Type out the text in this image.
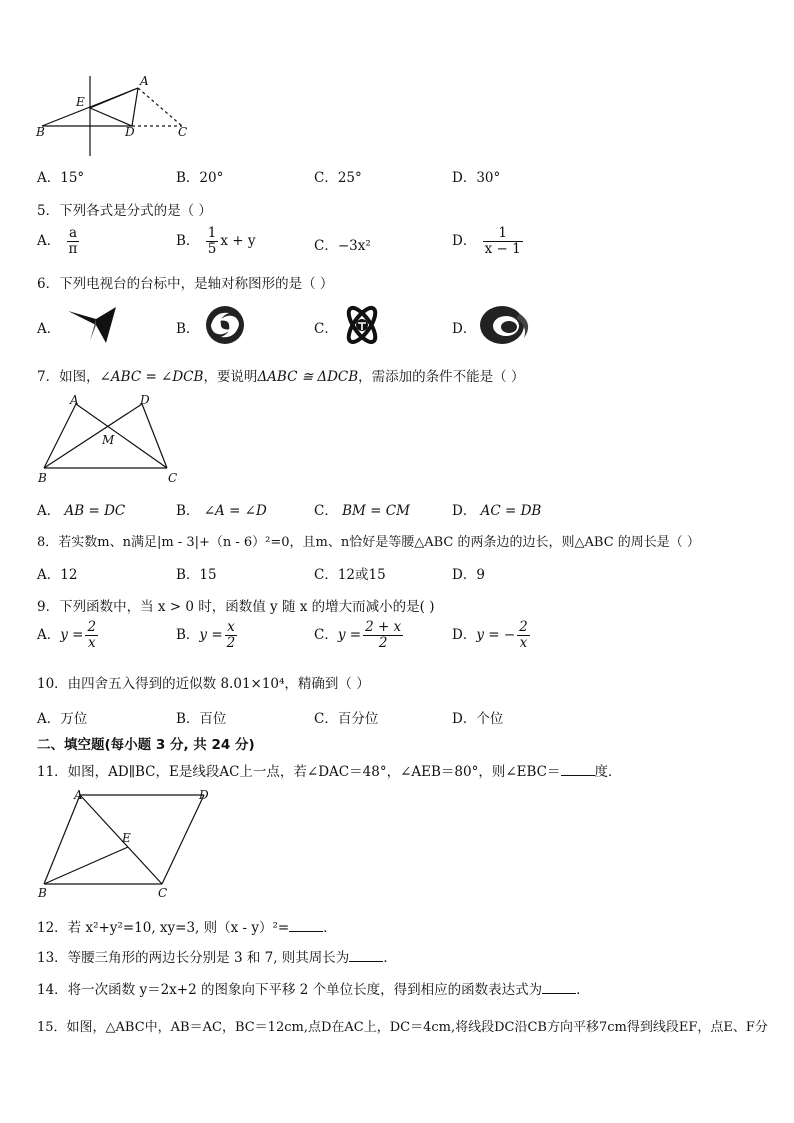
A
E
B	D	C
A．15°	B．20°	C．25°	D．30°
5．下列各式是分式的是（ ）
A． $\frac{a}{\pi}$	B． $\frac{1}{5}$ x + y	C．−3x²	D． $\frac{1}{x - 1}$
6．下列电视台的台标中，是轴对称图形的是（ ）
A．	B．	C．	D．
7．如图，∠ABC = ∠DCB，要说明ΔABC ≅ ΔDCB，需添加的条件不能是（ ）
A	D
M
B	C
A． AB = DC	B． ∠A = ∠D	C． BM = CM	D． AC = DB
8．若实数m、n满足|m - 3|+（n - 6）²=0，且m、n恰好是等腰△ABC 的两条边的边长，则△ABC 的周长是（ ）
A．12	B．15	C．12或15	D．9
9．下列函数中，当 x > 0 时，函数值 y 随 x 的增大而减小的是( )
A．$y = \frac{2}{x}$	B．$y = \frac{x}{2}$	C．$y = \frac{2 + x}{2}$	D．y = − $\frac{2}{x}$
10．由四舍五入得到的近似数 8.01×10⁴，精确到（ ）
A．万位	B．百位	C．百分位	D．个位
二、填空题(每小题 3 分, 共 24 分)
11．如图，AD∥BC，E是线段AC上一点，若∠DAC＝48°，∠AEB＝80°，则∠EBC＝	度．
A	D
E
B	C
12．若 x²+y²=10, xy=3, 则（x - y）²=	．
13．等腰三角形的两边长分别是 3 和 7, 则其周长为	．
14．将一次函数 y＝2x+2 的图象向下平移 2 个单位长度，得到相应的函数表达式为	．
15．如图，△ABC中，AB＝AC，BC＝12cm,点D在AC上，DC＝4cm,将线段DC沿CB方向平移7cm得到线段EF，点E、F分
